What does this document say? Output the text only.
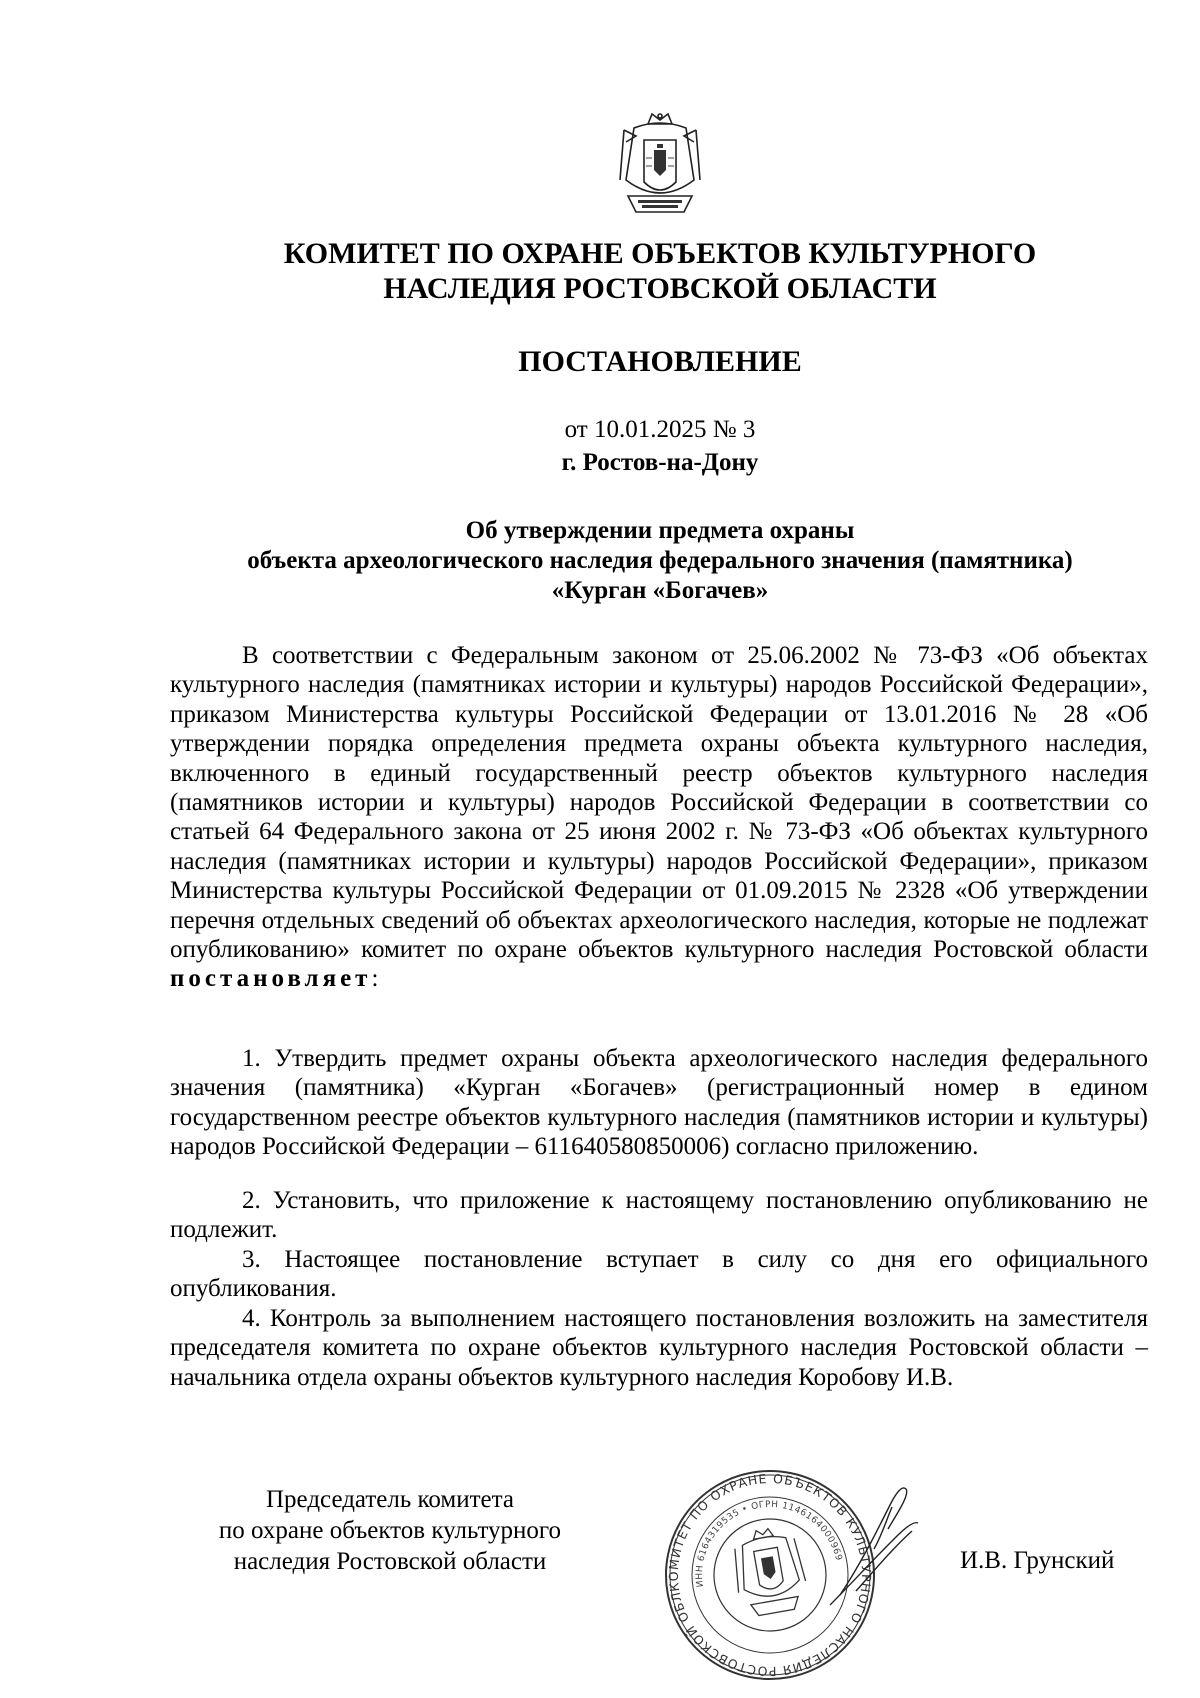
КОМИТЕТ ПО ОХРАНЕ ОБЪЕКТОВ КУЛЬТУРНОГО
НАСЛЕДИЯ РОСТОВСКОЙ ОБЛАСТИ
ПОСТАНОВЛЕНИЕ
от 10.01.2025 № 3
г. Ростов-на-Дону
Об утверждении предмета охраны
объекта археологического наследия федерального значения (памятника)
«Курган «Богачев»

В соответствии с Федеральным законом от 25.06.2002 № 73-ФЗ «Об объектах культурного наследия (памятниках истории и культуры) народов Российской Федерации», приказом Министерства культуры Российской Федерации от 13.01.2016 № 28 «Об утверждении порядка определения предмета охраны объекта культурного наследия, включенного в единый государственный реестр объектов культурного наследия (памятников истории и культуры) народов Российской Федерации в соответствии со статьей 64 Федерального закона от 25 июня 2002 г. № 73-ФЗ «Об объектах культурного наследия (памятниках истории и культуры) народов Российской Федерации», приказом Министерства культуры Российской Федерации от 01.09.2015 № 2328 «Об утверждении перечня отдельных сведений об объектах археологического наследия, которые не подлежат опубликованию» комитет по охране объектов культурного наследия Ростовской области постановляет:

1. Утвердить предмет охраны объекта археологического наследия федерального значения (памятника) «Курган «Богачев» (регистрационный номер в едином государственном реестре объектов культурного наследия (памятников истории и культуры) народов Российской Федерации – 611640580850006) согласно приложению.

2. Установить, что приложение к настоящему постановлению опубликованию не подлежит.

3. Настоящее постановление вступает в силу со дня его официального опубликования.

4. Контроль за выполнением настоящего постановления возложить на заместителя председателя комитета по охране объектов культурного наследия Ростовской области – начальника отдела охраны объектов культурного наследия Коробову И.В.

Председатель комитета
по охране объектов культурного
наследия Ростовской области
КОМИТЕТ ПО ОХРАНЕ ОБЪЕКТОВ КУЛЬТУРНОГО НАСЛЕДИЯ РОСТОВСКОЙ ОБЛАСТИ
ИНН 6164319535 • ОГРН 1146164000969	И.В. Грунский
